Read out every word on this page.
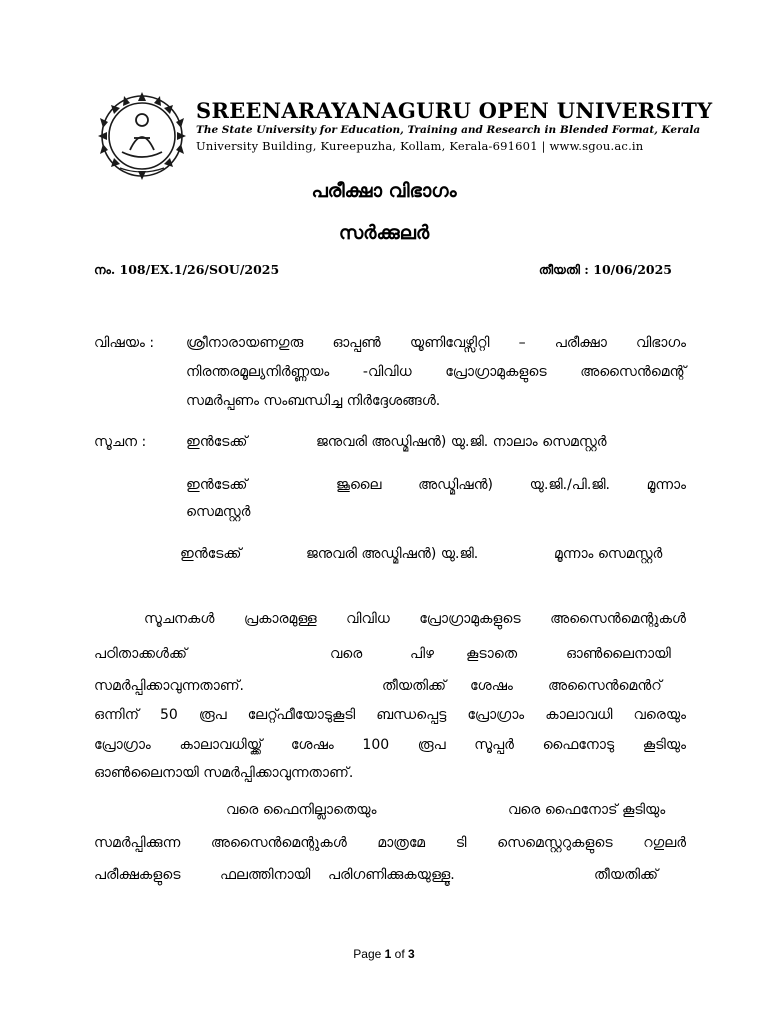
SREENARAYANAGURU OPEN UNIVERSITY
The State University for Education, Training and Research in Blended Format, Kerala
University Building, Kureepuzha, Kollam, Kerala-691601 | www.sgou.ac.in
പരീക്ഷാ വിഭാഗം
സർക്കുലർ
നം. 108/EX.1/26/SOU/2025	തീയതി : 10/06/2025
വിഷയം : ശ്രീനാരായണഗുരു ഓപ്പൺ യൂണിവേഴ്സിറ്റി – പരീക്ഷാ വിഭാഗം
നിരന്തരമൂല്യനിർണ്ണയം -വിവിധ പ്രോഗ്രാമുകളുടെ അസൈൻമെന്റ്
സമർപ്പണം സംബന്ധിച്ച നിർദ്ദേശങ്ങൾ.
സൂചന :	ഇൻടേക്ക്	ജനുവരി അഡ്മിഷൻ) യു.ജി. നാലാം സെമസ്റ്റർ
ഇൻടേക്ക്	ജൂലൈ അഡ്മിഷൻ) യു.ജി./പി.ജി. മൂന്നാം
സെമസ്റ്റർ
ഇൻടേക്ക്	ജനുവരി അഡ്മിഷൻ) യു.ജി.	മൂന്നാം സെമസ്റ്റർ
സൂചനകൾ പ്രകാരമുള്ള വിവിധ പ്രോഗ്രാമുകളുടെ അസൈൻമെന്റുകൾ
പഠിതാക്കൾക്ക്	വരെ	പിഴ കൂടാതെ	ഓൺലൈനായി
സമർപ്പിക്കാവുന്നതാണ്.	തീയതിക്ക് ശേഷം	അസൈൻമെൻറ്
ഒന്നിന് 50 രൂപ ലേറ്റ്ഫീയോടുകൂടി ബന്ധപ്പെട്ട പ്രോഗ്രാം കാലാവധി വരെയും
പ്രോഗ്രാം കാലാവധിയ്ക്ക് ശേഷം 100 രൂപ സൂപ്പർ ഫൈനോടു കൂടിയും
ഓൺലൈനായി സമർപ്പിക്കാവുന്നതാണ്.
വരെ ഫൈനില്ലാതെയും	വരെ ഫൈനോട് കൂടിയും
സമർപ്പിക്കുന്ന അസൈൻമെന്റുകൾ മാത്രമേ ടി സെമെസ്റ്ററുകളുടെ റഗുലർ
പരീക്ഷകളുടെ	ഫലത്തിനായി പരിഗണിക്കുകയുള്ളൂ.	തീയതിക്ക്
Page 1 of 3
